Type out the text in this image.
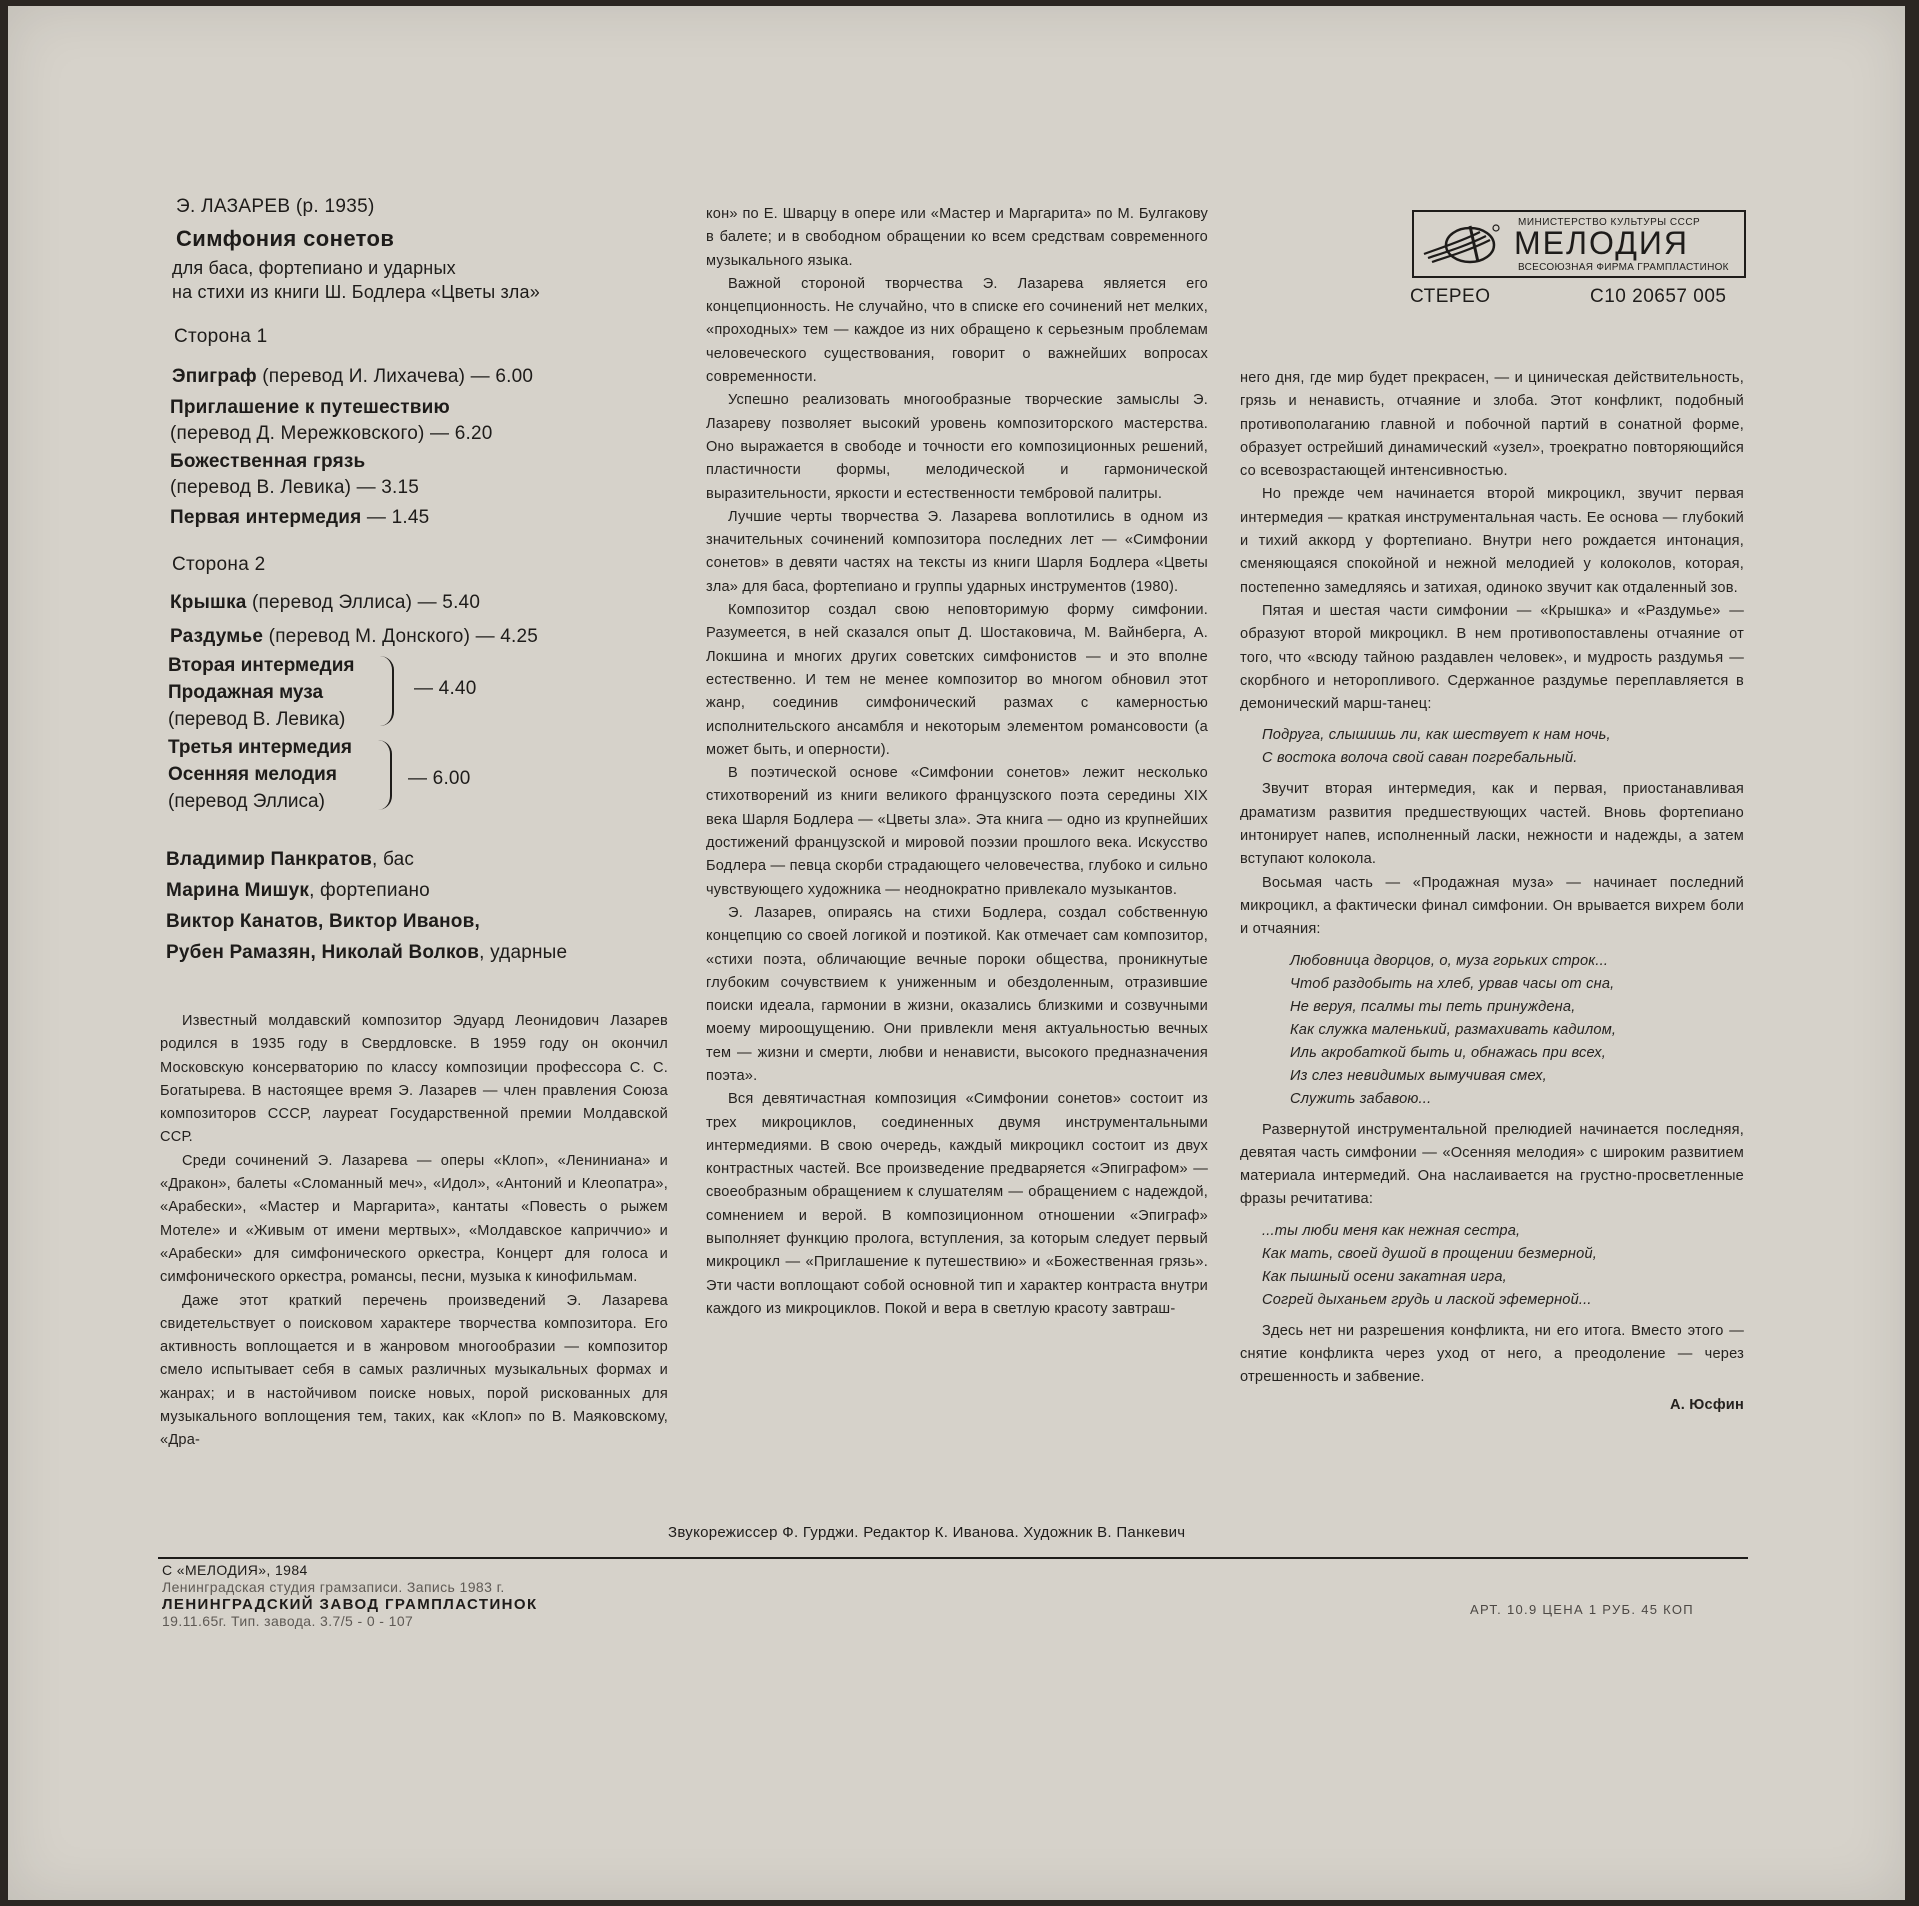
Э. ЛАЗАРЕВ (р. 1935)
Симфония сонетов
для баса, фортепиано и ударных
на стихи из книги Ш. Бодлера «Цветы зла»
Сторона 1
Эпиграф (перевод И. Лихачева) — 6.00
Приглашение к путешествию
(перевод Д. Мережковского) — 6.20
Божественная грязь
(перевод В. Левика) — 3.15
Первая интермедия — 1.45
Сторона 2
Крышка (перевод Эллиса) — 5.40
Раздумье (перевод М. Донского) — 4.25
Вторая интермедия
Продажная муза
(перевод В. Левика)
— 4.40
Третья интермедия
Осенняя мелодия
(перевод Эллиса)
— 6.00
Владимир Панкратов, бас
Марина Мишук, фортепиано
Виктор Канатов, Виктор Иванов,
Рубен Рамазян, Николай Волков, ударные

Известный молдавский композитор Эдуард Леонидович Лазарев родился в 1935 году в Свердловске. В 1959 году он окончил Московскую консерваторию по классу композиции профессора С. С. Богатырева. В настоящее время Э. Лазарев — член правления Союза композиторов СССР, лауреат Государственной премии Молдавской ССР.

Среди сочинений Э. Лазарева — оперы «Клоп», «Лениниана» и «Дракон», балеты «Сломанный меч», «Идол», «Антоний и Клеопатра», «Арабески», «Мастер и Маргарита», кантаты «Повесть о рыжем Мотеле» и «Живым от имени мертвых», «Молдавское каприччио» и «Арабески» для симфонического оркестра, Концерт для голоса и симфонического оркестра, романсы, песни, музыка к кинофильмам.

Даже этот краткий перечень произведений Э. Лазарева свидетельствует о поисковом характере творчества композитора. Его активность воплощается и в жанровом многообразии — композитор смело испытывает себя в самых различных музыкальных формах и жанрах; и в настойчивом поиске новых, порой рискованных для музыкального воплощения тем, таких, как «Клоп» по В. Маяковскому, «Дра-

кон» по Е. Шварцу в опере или «Мастер и Маргарита» по М. Булгакову в балете; и в свободном обращении ко всем средствам современного музыкального языка.

Важной стороной творчества Э. Лазарева является его концепционность. Не случайно, что в списке его сочинений нет мелких, «проходных» тем — каждое из них обращено к серьезным проблемам человеческого существования, говорит о важнейших вопросах современности.

Успешно реализовать многообразные творческие замыслы Э. Лазареву позволяет высокий уровень композиторского мастерства. Оно выражается в свободе и точности его композиционных решений, пластичности формы, мелодической и гармонической выразительности, яркости и естественности тембровой палитры.

Лучшие черты творчества Э. Лазарева воплотились в одном из значительных сочинений композитора последних лет — «Симфонии сонетов» в девяти частях на тексты из книги Шарля Бодлера «Цветы зла» для баса, фортепиано и группы ударных инструментов (1980).

Композитор создал свою неповторимую форму симфонии. Разумеется, в ней сказался опыт Д. Шостаковича, М. Вайнберга, А. Локшина и многих других советских симфонистов — и это вполне естественно. И тем не менее композитор во многом обновил этот жанр, соединив симфонический размах с камерностью исполнительского ансамбля и некоторым элементом романсовости (а может быть, и оперности).

В поэтической основе «Симфонии сонетов» лежит несколько стихотворений из книги великого французского поэта середины XIX века Шарля Бодлера — «Цветы зла». Эта книга — одно из крупнейших достижений французской и мировой поэзии прошлого века. Искусство Бодлера — певца скорби страдающего человечества, глубоко и сильно чувствующего художника — неоднократно привлекало музыкантов.

Э. Лазарев, опираясь на стихи Бодлера, создал собственную концепцию со своей логикой и поэтикой. Как отмечает сам композитор, «стихи поэта, обличающие вечные пороки общества, проникнутые глубоким сочувствием к униженным и обездоленным, отразившие поиски идеала, гармонии в жизни, оказались близкими и созвучными моему мироощущению. Они привлекли меня актуальностью вечных тем — жизни и смерти, любви и ненависти, высокого предназначения поэта».

Вся девятичастная композиция «Симфонии сонетов» состоит из трех микроциклов, соединенных двумя инструментальными интермедиями. В свою очередь, каждый микроцикл состоит из двух контрастных частей. Все произведение предваряется «Эпиграфом» — своеобразным обращением к слушателям — обращением с надеждой, сомнением и верой. В композиционном отношении «Эпиграф» выполняет функцию пролога, вступления, за которым следует первый микроцикл — «Приглашение к путешествию» и «Божественная грязь». Эти части воплощают собой основной тип и характер контраста внутри каждого из микроциклов. Покой и вера в светлую красоту завтраш-

МИНИСТЕРСТВО КУЛЬТУРЫ СССР
МЕЛОДИЯ
ВСЕСОЮЗНАЯ ФИРМА ГРАМПЛАСТИНОК
СТЕРЕО	С10 20657 005

него дня, где мир будет прекрасен, — и циническая действительность, грязь и ненависть, отчаяние и злоба. Этот конфликт, подобный противополаганию главной и побочной партий в сонатной форме, образует острейший динамический «узел», троекратно повторяющийся со всевозрастающей интенсивностью.

Но прежде чем начинается второй микроцикл, звучит первая интермедия — краткая инструментальная часть. Ее основа — глубокий и тихий аккорд у фортепиано. Внутри него рождается интонация, сменяющаяся спокойной и нежной мелодией у колоколов, которая, постепенно замедляясь и затихая, одиноко звучит как отдаленный зов.

Пятая и шестая части симфонии — «Крышка» и «Раздумье» — образуют второй микроцикл. В нем противопоставлены отчаяние от того, что «всюду тайною раздавлен человек», и мудрость раздумья — скорбного и неторопливого. Сдержанное раздумье переплавляется в демонический марш-танец:

Подруга, слышишь ли, как шествует к нам ночь,
С востока волоча свой саван погребальный.

Звучит вторая интермедия, как и первая, приостанавливая драматизм развития предшествующих частей. Вновь фортепиано интонирует напев, исполненный ласки, нежности и надежды, а затем вступают колокола.

Восьмая часть — «Продажная муза» — начинает последний микроцикл, а фактически финал симфонии. Он врывается вихрем боли и отчаяния:

Любовница дворцов, о, муза горьких строк...
Чтоб раздобыть на хлеб, урвав часы от сна,
Не веруя, псалмы ты петь принуждена,
Как служка маленький, размахивать кадилом,
Иль акробаткой быть и, обнажась при всех,
Из слез невидимых вымучивая смех,
Служить забавою...

Развернутой инструментальной прелюдией начинается последняя, девятая часть симфонии — «Осенняя мелодия» с широким развитием материала интермедий. Она наслаивается на грустно-просветленные фразы речитатива:

...ты люби меня как нежная сестра,
Как мать, своей душой в прощении безмерной,
Как пышный осени закатная игра,
Согрей дыханьем грудь и лаской эфемерной...

Здесь нет ни разрешения конфликта, ни его итога. Вместо этого — снятие конфликта через уход от него, а преодоление — через отрешенность и забвение.

А. Юсфин

Звукорежиссер Ф. Гурджи. Редактор К. Иванова. Художник В. Панкевич
С «МЕЛОДИЯ», 1984
Ленинградская студия грамзаписи. Запись 1983 г.
ЛЕНИНГРАДСКИЙ ЗАВОД ГРАМПЛАСТИНОК
19.11.65г. Тип. завода. 3.7/5 - 0 - 107
АРТ. 10.9 ЦЕНА 1 РУБ. 45 КОП
